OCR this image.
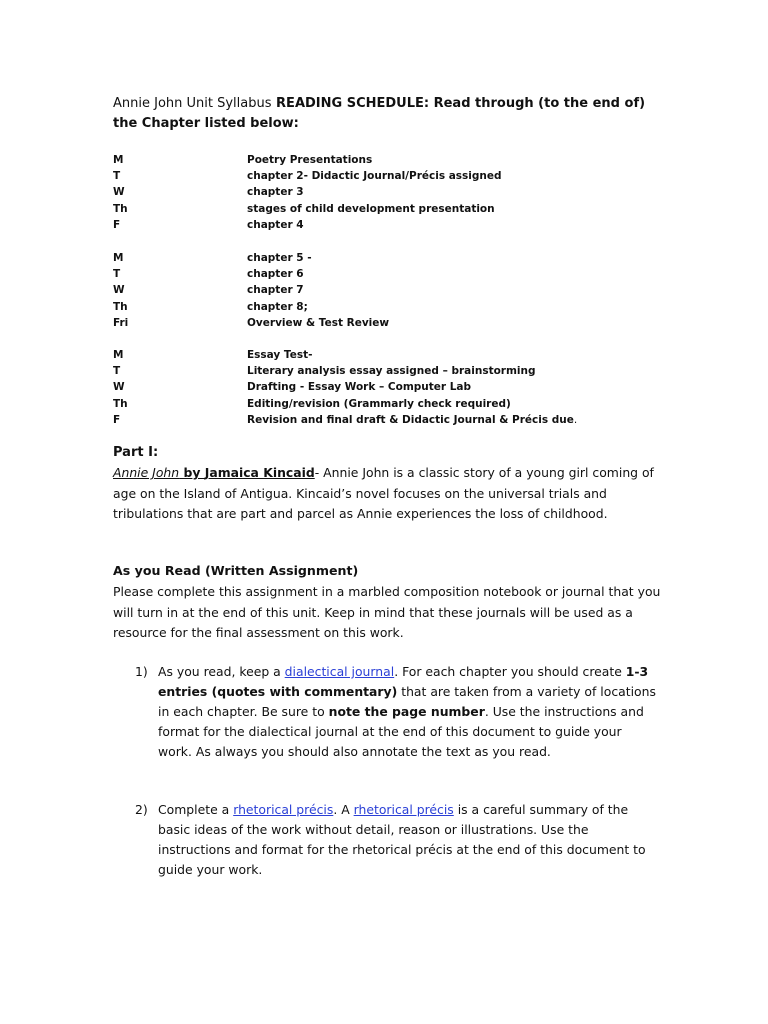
Annie John Unit Syllabus READING SCHEDULE: Read through (to the end of) the Chapter listed below:
M	Poetry Presentations
T	chapter 2- Didactic Journal/Précis assigned
W	chapter 3
Th	stages of child development presentation
F	chapter 4
M	chapter 5 -
T	chapter 6
W	chapter 7
Th	chapter 8;
Fri	Overview & Test Review
M	Essay Test-
T	Literary analysis essay assigned – brainstorming
W	Drafting - Essay Work – Computer Lab
Th	Editing/revision (Grammarly check required)
F	Revision and final draft & Didactic Journal & Précis due.
Part I:
Annie John by Jamaica Kincaid- Annie John is a classic story of a young girl coming of age on the Island of Antigua. Kincaid’s novel focuses on the universal trials and tribulations that are part and parcel as Annie experiences the loss of childhood.
As you Read (Written Assignment)
Please complete this assignment in a marbled composition notebook or journal that you will turn in at the end of this unit. Keep in mind that these journals will be used as a resource for the final assessment on this work.
1) As you read, keep a dialectical journal. For each chapter you should create 1-3 entries (quotes with commentary) that are taken from a variety of locations in each chapter. Be sure to note the page number. Use the instructions and format for the dialectical journal at the end of this document to guide your work. As always you should also annotate the text as you read.
2) Complete a rhetorical précis. A rhetorical précis is a careful summary of the basic ideas of the work without detail, reason or illustrations. Use the instructions and format for the rhetorical précis at the end of this document to guide your work.
